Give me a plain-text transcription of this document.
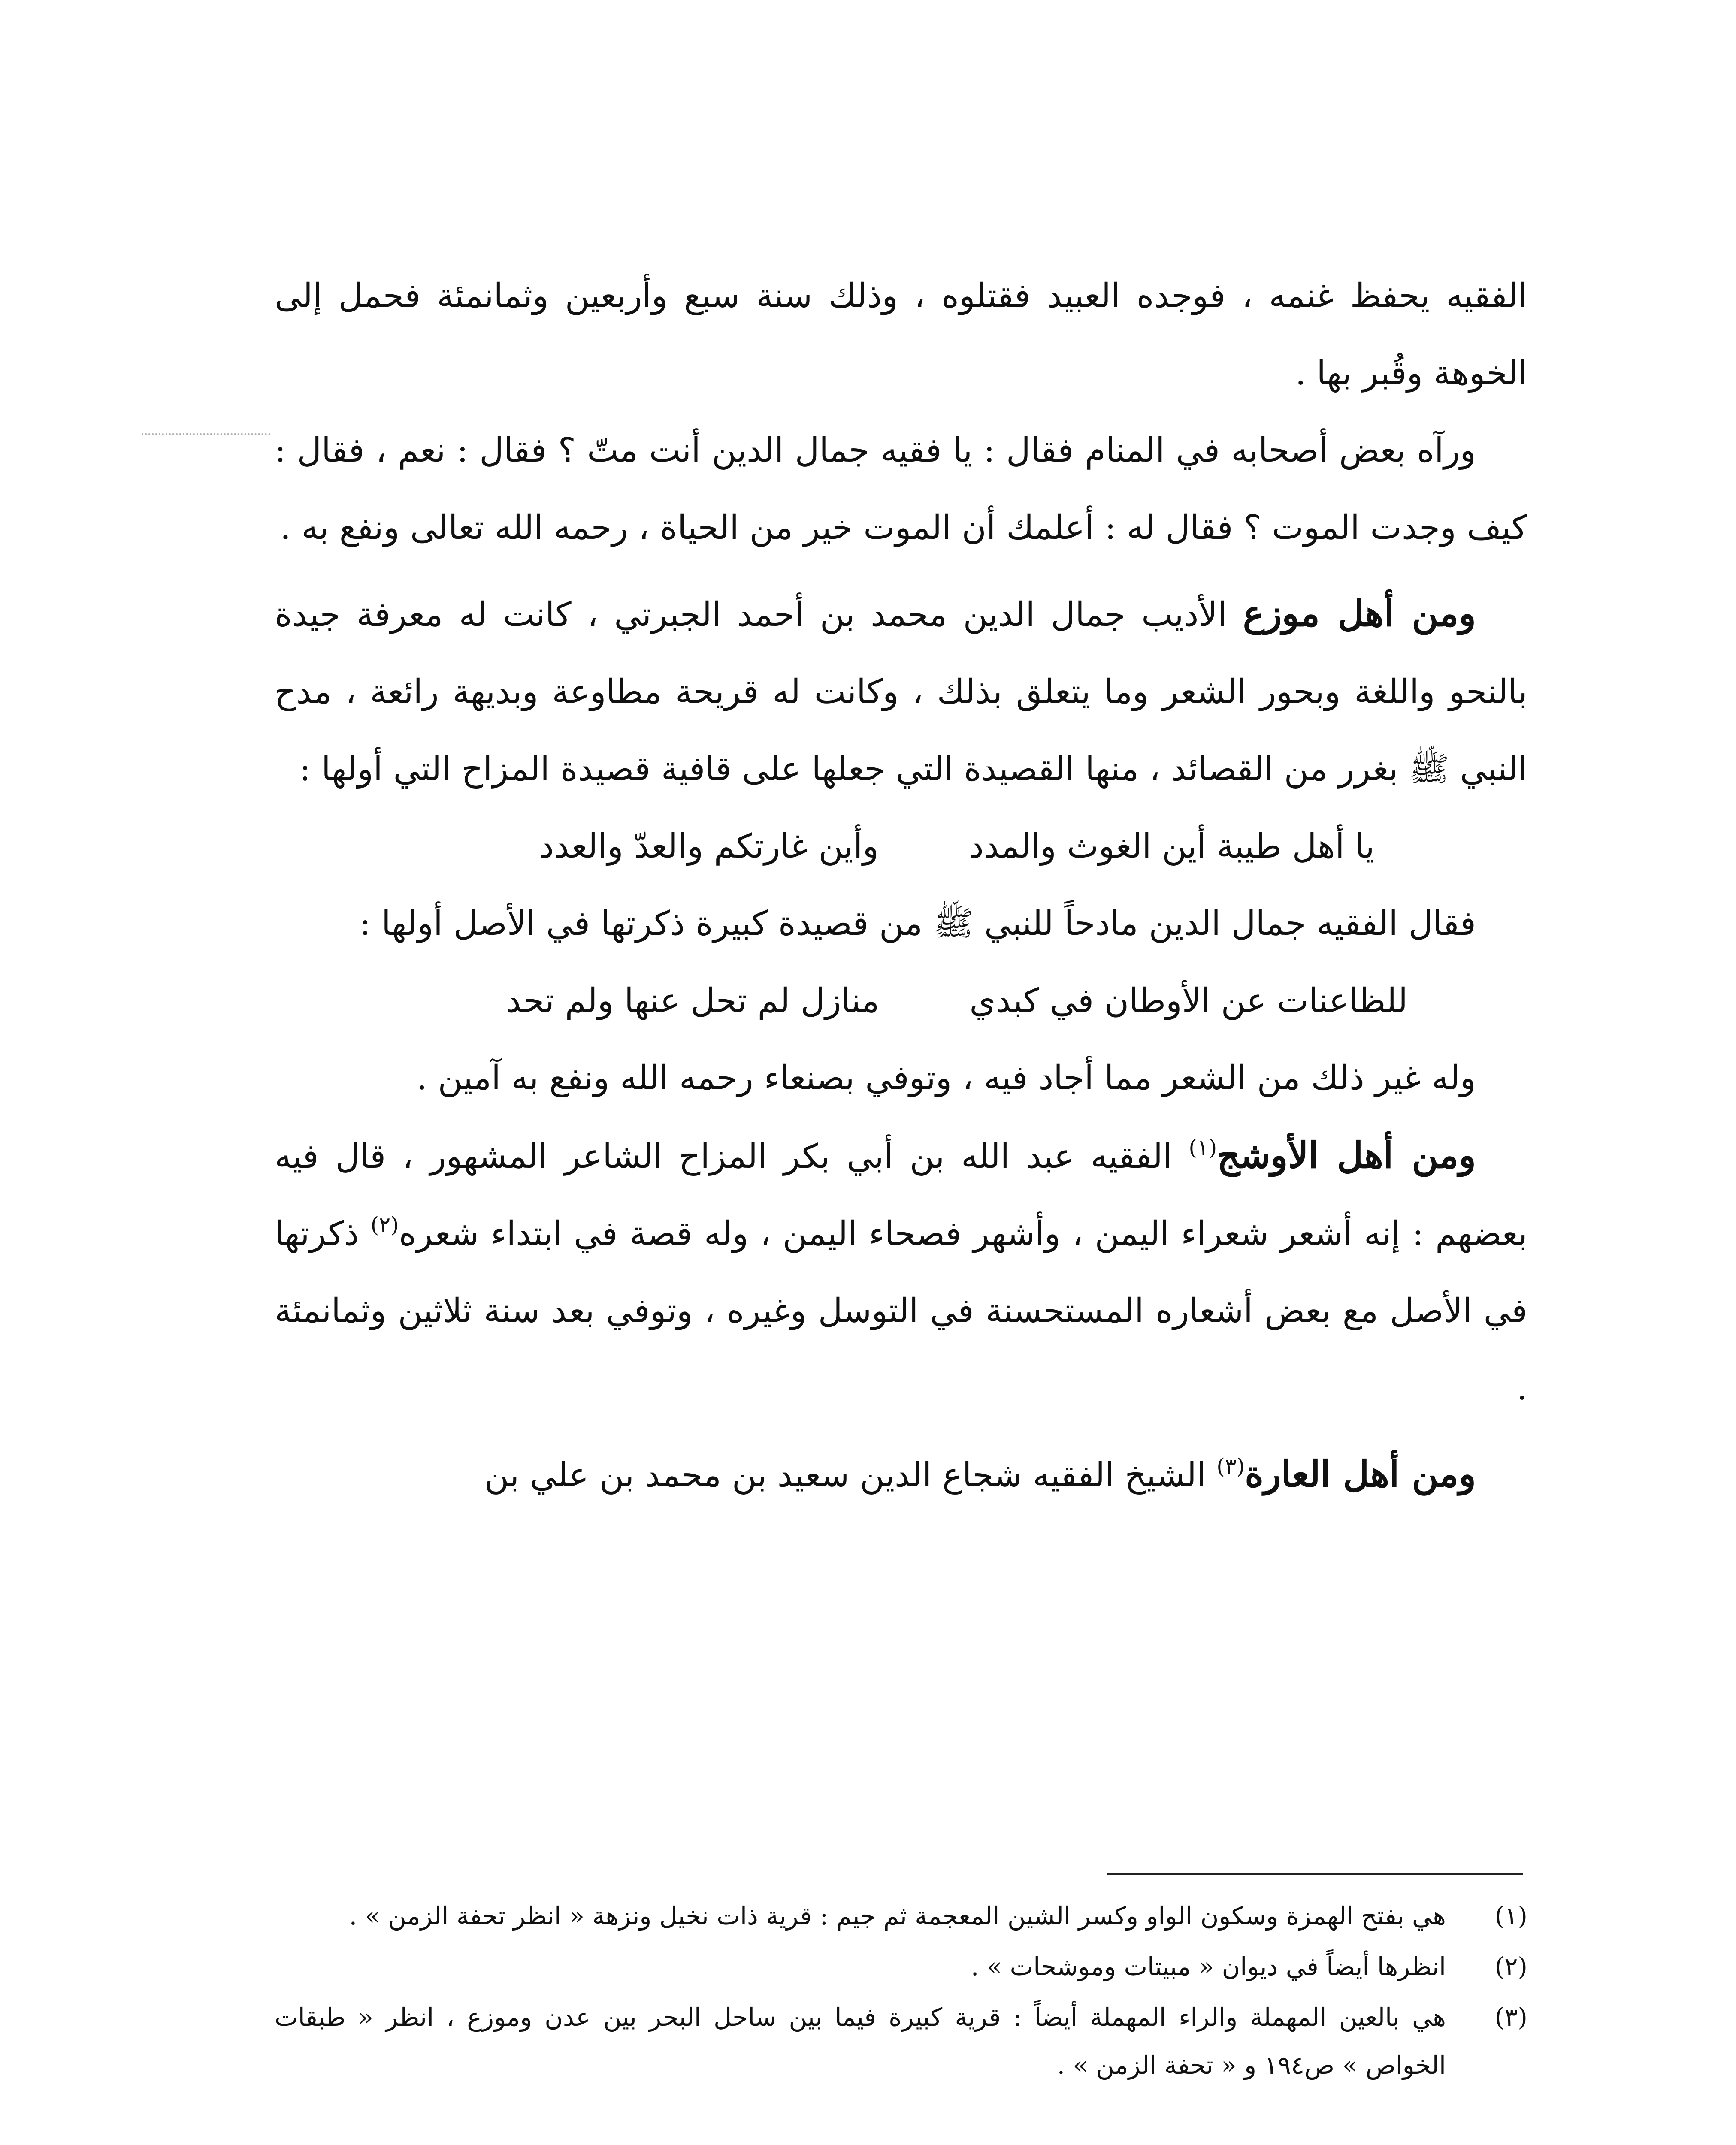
الفقيه يحفظ غنمه ، فوجده العبيد فقتلوه ، وذلك سنة سبع وأربعين وثمانمئة فحمل إلى الخوهة وقُبر بها .

ورآه بعض أصحابه في المنام فقال : يا فقيه جمال الدين أنت متّ ؟ فقال : نعم ، فقال : كيف وجدت الموت ؟ فقال له : أعلمك أن الموت خير من الحياة ، رحمه الله تعالى ونفع به .

ومن أهل موزع الأديب جمال الدين محمد بن أحمد الجبرتي ، كانت له معرفة جيدة بالنحو واللغة وبحور الشعر وما يتعلق بذلك ، وكانت له قريحة مطاوعة وبديهة رائعة ، مدح النبي ﷺ بغرر من القصائد ، منها القصيدة التي جعلها على قافية قصيدة المزاح التي أولها :

يا أهل طيبة أين الغوث والمدد
وأين غارتكم والعدّ والعدد

فقال الفقيه جمال الدين مادحاً للنبي ﷺ من قصيدة كبيرة ذكرتها في الأصل أولها :

للظاعنات عن الأوطان في كبدي
منازل لم تحل عنها ولم تحد

وله غير ذلك من الشعر مما أجاد فيه ، وتوفي بصنعاء رحمه الله ونفع به آمين .

ومن أهل الأوشج$^{(١)}$ الفقيه عبد الله بن أبي بكر المزاح الشاعر المشهور ، قال فيه بعضهم : إنه أشعر شعراء اليمن ، وأشهر فصحاء اليمن ، وله قصة في ابتداء شعره$^{(٢)}$ ذكرتها في الأصل مع بعض أشعاره المستحسنة في التوسل وغيره ، وتوفي بعد سنة ثلاثين وثمانمئة .

ومن أهل العارة$^{(٣)}$ الشيخ الفقيه شجاع الدين سعيد بن محمد بن علي بن

(١)
هي بفتح الهمزة وسكون الواو وكسر الشين المعجمة ثم جيم : قرية ذات نخيل ونزهة « انظر تحفة الزمن » .
(٢)
انظرها أيضاً في ديوان « مبيتات وموشحات » .
(٣)
هي بالعين المهملة والراء المهملة أيضاً : قرية كبيرة فيما بين ساحل البحر بين عدن وموزع ، انظر « طبقات الخواص » ص١٩٤ و « تحفة الزمن » .
